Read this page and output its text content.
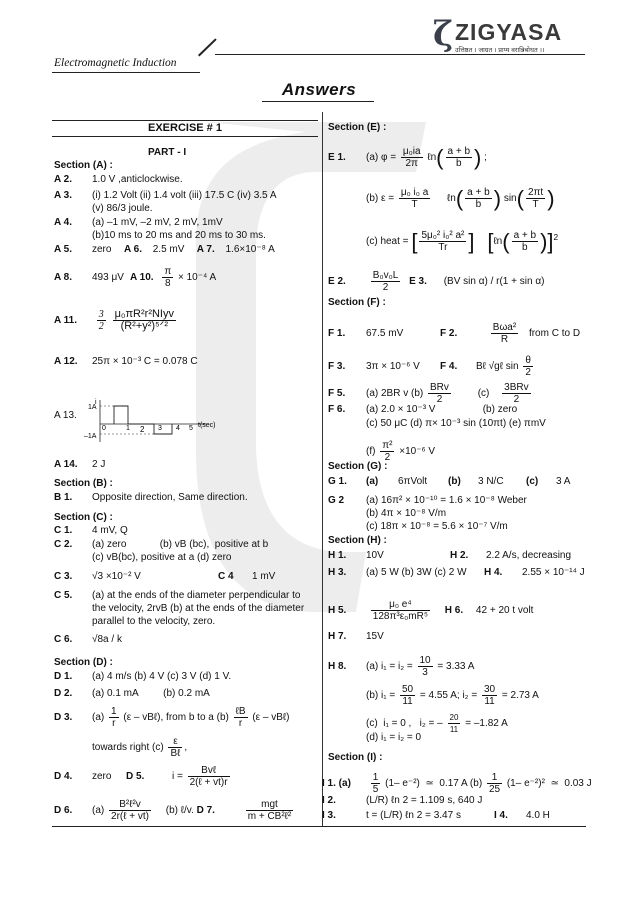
Electromagnetic Induction
ζ ZIGYASA
उत्तिष्ठत । जाग्रत । प्राप्य वरान्निबोधत ।।
Answers
EXERCISE # 1
PART - I
Section (A) :
A 2. 1.0 V ,anticlockwise.
A 3. (i) 1.2 Volt (ii) 1.4 volt (iii) 17.5 C (iv) 3.5 A
(v) 86/3 joule.
A 4. (a) –1 mV, –2 mV, 2 mV, 1mV
(b)10 ms to 20 ms and 20 ms to 30 ms.
A 5. zero A 6. 2.5 mV A 7. 1.6×10⁻⁸ A
A 8. 493 μV A 10. $\frac{\pi}{8} \times 10^{-4}$ A
A 11. $\frac{3}{2}$
$\frac{\text{μ₀πR²r²NIyv}}{\text{(R²+y²)⁵ᐟ²}}$
A 12. 25π × 10⁻³ C = 0.078 C
A 13.
i
1A
–1A
0	1 2 3 4 5 t(sec)
A 14. 2 J
Section (B) :
B 1. Opposite direction, Same direction.
Section (C) :
C 1. 4 mV, Q
C 2. (a) zero            (b) vB (bc),  positive at b
(c) vB(bc), positive at a (d) zero
C 3. √3 ×10⁻² V	C 4 1 mV
C 5. (a) at the ends of the diameter perpendicular to
the velocity, 2rvB (b) at the ends of the diameter
parallel to the velocity, zero.
C 6. √8a / k
Section (D) :
D 1. (a) 4 m/s (b) 4 V (c) 3 V (d) 1 V.
D 2. (a) 0.1 mA         (b) 0.2 mA
D 3. $(a) \frac{1}{r} (\varepsilon$ – vBℓ), from b to a $(b) \frac{\text{ℓB}}{r} (\varepsilon$ – vBℓ)
towards right $(c) \frac{\varepsilon}{\text{Bℓ}}$ ,
D 4. zero D 5.	$i = \frac{\text{Bvℓ}}{\text{2(ℓ + vt)r}}$
D 6. $(a) \frac{\text{B²ℓ²v}}{\text{2r(ℓ + vt)}} (b)$ ℓ/v. D 7.	$\frac{\text{mgt}}{\text{m + CB²ℓ²}}$
Section (E) :
E 1. (a) $\varphi = \frac{\text{μ₀ia}}{2\pi}$ ℓn( $\frac{a + b}{b}$ ) ;
(b) $\varepsilon = \frac{\text{μ₀ i₀ a}}{T}$ ℓn( $\frac{a + b}{b}$ ) $\sin( \frac{2\pi t}{T}$ )
(c) heat = [ $\frac{\text{5μ₀² i₀² a²}}{Tr}$ ] [ℓn( $\frac{a + b}{b} )]^2$
E 2. $\frac{\text{B₀v₀L}}{2}$ E 3. (BV sin α) / r(1 + sin α)
Section (F) :
F 1. 67.5 mV	F 2.	$\frac{\text{Bωa²}}{R}$ from C to D
F 3. 3π × 10⁻⁶ V F 4. Bℓ √gℓ $\sin \frac{\theta}{2}$
F 5. (a) 2BR v $(b) \frac{\text{BRv}}{2}$	$(c) \frac{\text{3BRv}}{2}$
F 6. (a) 2.0 × 10⁻³ V                 (b) zero
(c) 50 μC (d) π× 10⁻³ sin (10πt) (e) πmV
$(f) \frac{\text{π²}}{2} \times 10^{-6}$ V
Section (G) :
G 1. (a) 6πVolt (b) 3 N/C (c) 3 A
G 2 (a) 16π² × 10⁻¹⁰ = 1.6 × 10⁻⁸ Weber
(b) 4π × 10⁻⁸ V/m
(c) 18π × 10⁻⁸ = 5.6 × 10⁻⁷ V/m
Section (H) :
H 1. 10V	H 2. 2.2 A/s, decreasing
H 3. (a) 5 W (b) 3W (c) 2 W H 4. 2.55 × 10⁻¹⁴ J
H 5. $\frac{\text{μ₀ e⁴}}{\text{128π³ε₀mR⁵}}$ H 6. 42 + 20 t volt
H 7. 15V
H 8. (a) $i_1 = i_2 = \frac{10}{3} = 3.33$ A
(b) $i_1 = \frac{50}{11} = 4.55$ A; $i_2 = \frac{30}{11} = 2.73$ A
(c)  i₁ = 0 ,   i₂ = – $\frac{20}{11} = -1.82$ A
(d) i₁ = i₂ = 0
Section (I) :
I 1. $(a) \frac{1}{5} (1-$ e⁻²)  ≃  0.17 A $(b) \frac{1}{25} (1-$ e⁻²)²  ≃  0.03 J
I 2.	(L/R) ℓn 2 = 1.109 s, 640 J
I 3.	t = (L/R) ℓn 2 = 3.47 s	I 4. 4.0 H
